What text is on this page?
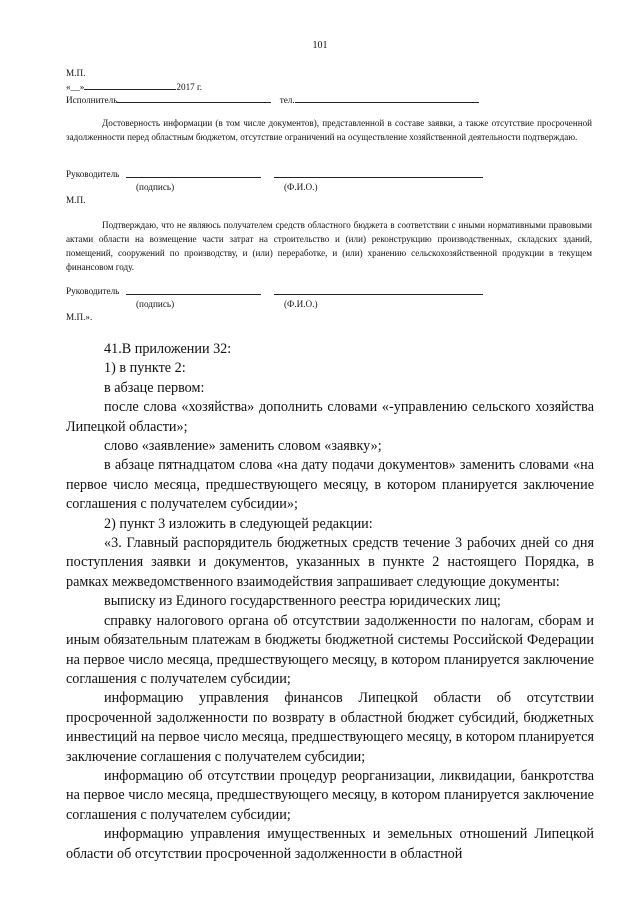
101
М.П.
«__»	2017 г.
Исполнитель	тел.
Достоверность информации (в том числе документов), представленной в составе заявки, а также отсутствие просроченной задолженности перед областным бюджетом, отсутствие ограничений на осуществление хозяйственной деятельности подтверждаю.
Руководитель
(подпись)	(Ф.И.О.)
М.П.
Подтверждаю, что не являюсь получателем средств областного бюджета в соответствии с иными нормативными правовыми актами области на возмещение части затрат на строительство и (или) реконструкцию производственных, складских зданий, помещений, сооружений по производству, и (или) переработке, и (или) хранению сельскохозяйственной продукции в текущем финансовом году.
Руководитель
(подпись)	(Ф.И.О.)
М.П.».
41.В приложении 32:
1) в пункте 2:
в абзаце первом:
после слова «хозяйства» дополнить словами «-управлению сельского хозяйства Липецкой области»;
слово «заявление» заменить словом «заявку»;
в абзаце пятнадцатом слова «на дату подачи документов» заменить словами «на первое число месяца, предшествующего месяцу, в котором планируется заключение соглашения с получателем субсидии»;
2) пункт 3 изложить в следующей редакции:
«3. Главный распорядитель бюджетных средств течение 3 рабочих дней со дня поступления заявки и документов, указанных в пункте 2 настоящего Порядка, в рамках межведомственного взаимодействия запрашивает следующие документы:
выписку из Единого государственного реестра юридических лиц;
справку налогового органа об отсутствии задолженности по налогам, сборам и иным обязательным платежам в бюджеты бюджетной системы Российской Федерации на первое число месяца, предшествующего месяцу, в котором планируется заключение соглашения с получателем субсидии;
информацию управления финансов Липецкой области об отсутствии просроченной задолженности по возврату в областной бюджет субсидий, бюджетных инвестиций на первое число месяца, предшествующего месяцу, в котором планируется заключение соглашения с получателем субсидии;
информацию об отсутствии процедур реорганизации, ликвидации, банкротства на первое число месяца, предшествующего месяцу, в котором планируется заключение соглашения с получателем субсидии;
информацию управления имущественных и земельных отношений Липецкой области об отсутствии просроченной задолженности в областной
